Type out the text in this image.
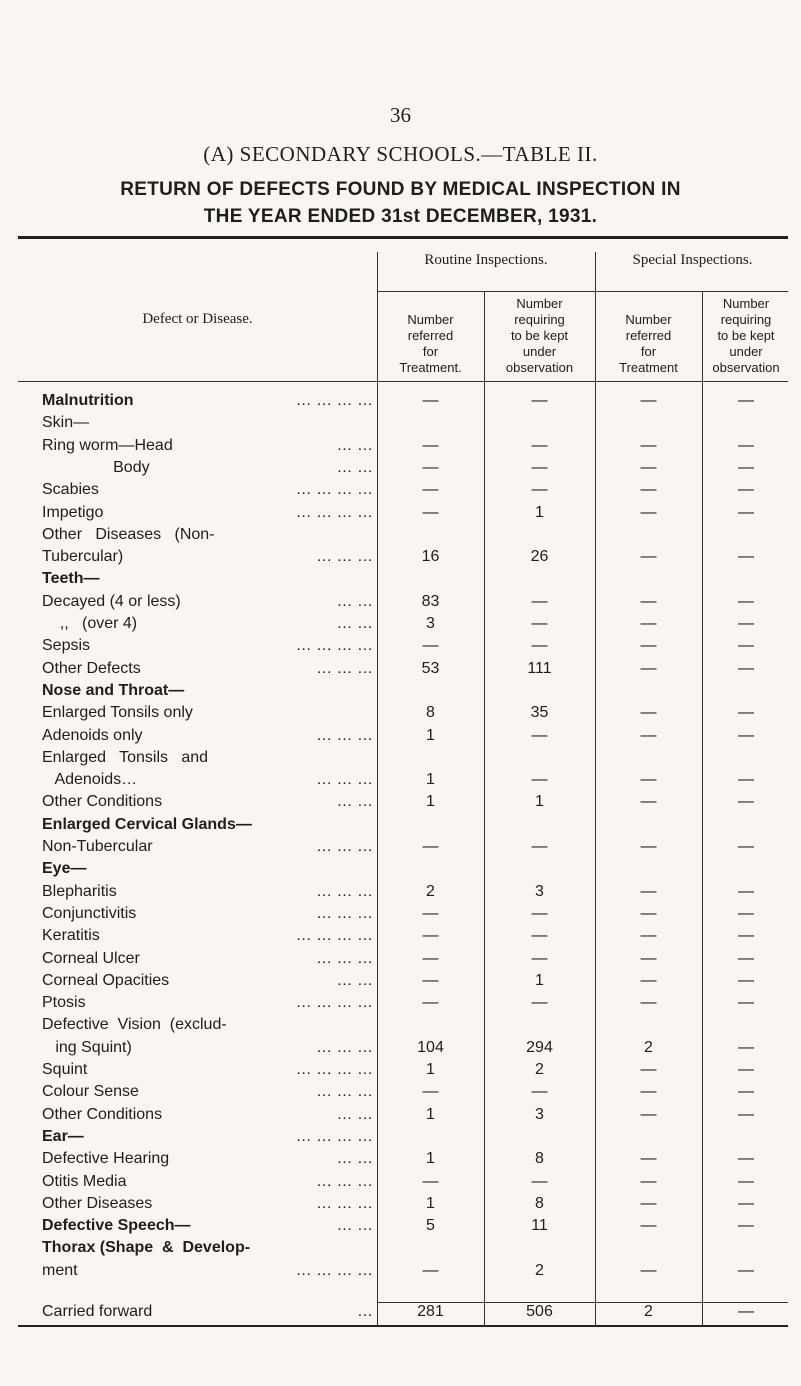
36
(A) SECONDARY SCHOOLS.—TABLE II.
RETURN OF DEFECTS FOUND BY MEDICAL INSPECTION IN
THE YEAR ENDED 31st DECEMBER, 1931.
Defect or Disease.
Routine Inspections.	Special Inspections.
Number
referred
for
Treatment.
Number
requiring
to be kept
under
observation
Number
referred
for
Treatment
Number
requiring
to be kept
under
observation
Malnutrition	… … … …	—	—	—	—
Skin—
Ring worm—Head	… …	—	—	—	—
Body	… …	—	—	—	—
Scabies	… … … …	—	—	—	—
Impetigo	… … … …	—	1	—	—
Other   Diseases   (Non-
Tubercular)	… … …	16	26	—	—
Teeth—
Decayed (4 or less)	… …	83	—	—	—
,,   (over 4)	… …	3	—	—	—
Sepsis	… … … …	—	—	—	—
Other Defects	… … …	53	111	—	—
Nose and Throat—
Enlarged Tonsils only	8	35	—	—
Adenoids only	… … …	1	—	—	—
Enlarged   Tonsils   and
Adenoids…	… … …	1	—	—	—
Other Conditions	… …	1	1	—	—
Enlarged Cervical Glands—
Non-Tubercular	… … …	—	—	—	—
Eye—
Blepharitis	… … …	2	3	—	—
Conjunctivitis	… … …	—	—	—	—
Keratitis	… … … …	—	—	—	—
Corneal Ulcer	… … …	—	—	—	—
Corneal Opacities	… …	—	1	—	—
Ptosis	… … … …	—	—	—	—
Defective  Vision  (exclud-
ing Squint)	… … …	104	294	2	—
Squint	… … … …	1	2	—	—
Colour Sense	… … …	—	—	—	—
Other Conditions	… …	1	3	—	—
Ear—	… … … …
Defective Hearing	… …	1	8	—	—
Otitis Media	… … …	—	—	—	—
Other Diseases	… … …	1	8	—	—
Defective Speech—	… …	5	11	—	—
Thorax (Shape  &  Develop-
ment	… … … …	—	2	—	—
Carried forward	…	281	506	2	—
